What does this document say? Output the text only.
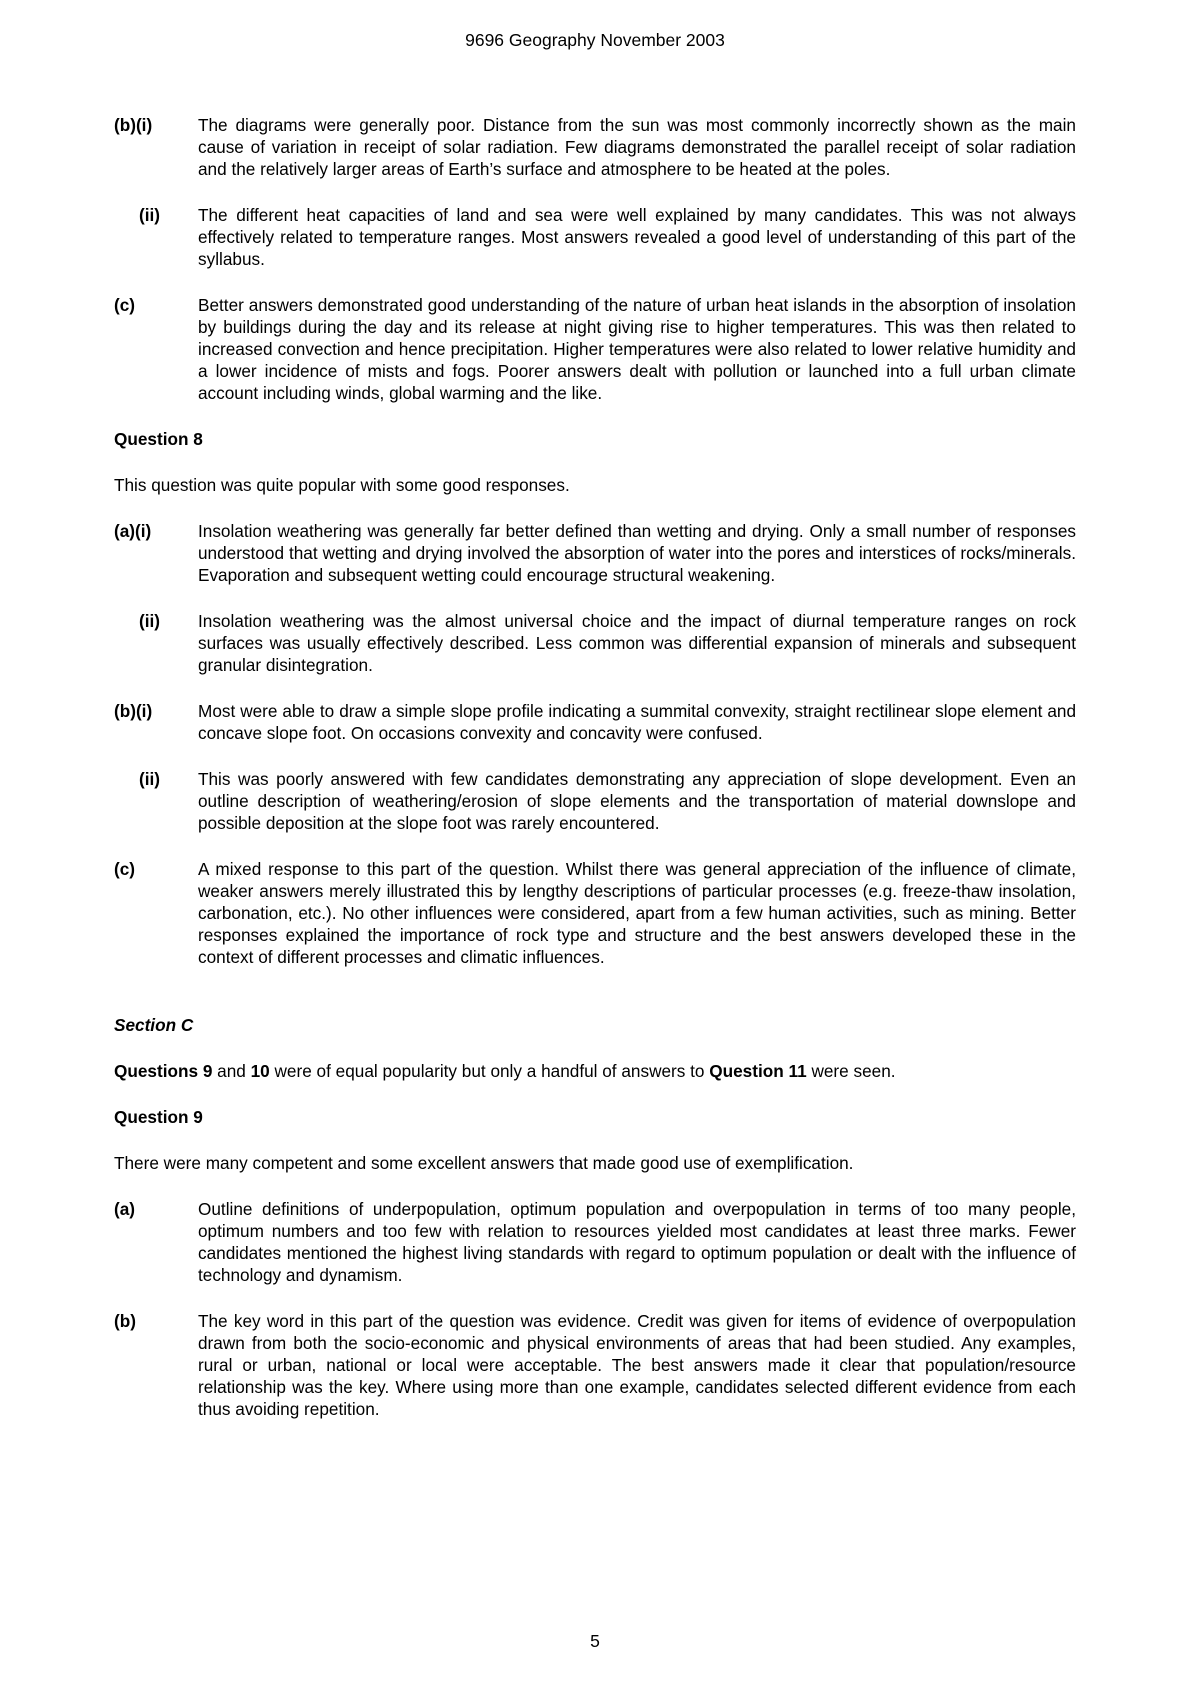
9696 Geography November 2003
(b)(i)	The diagrams were generally poor. Distance from the sun was most commonly incorrectly shown as the main cause of variation in receipt of solar radiation. Few diagrams demonstrated the parallel receipt of solar radiation and the relatively larger areas of Earth’s surface and atmosphere to be heated at the poles.
(ii)	The different heat capacities of land and sea were well explained by many candidates. This was not always effectively related to temperature ranges. Most answers revealed a good level of understanding of this part of the syllabus.
(c)	Better answers demonstrated good understanding of the nature of urban heat islands in the absorption of insolation by buildings during the day and its release at night giving rise to higher temperatures. This was then related to increased convection and hence precipitation. Higher temperatures were also related to lower relative humidity and a lower incidence of mists and fogs. Poorer answers dealt with pollution or launched into a full urban climate account including winds, global warming and the like.
Question 8
This question was quite popular with some good responses.
(a)(i)	Insolation weathering was generally far better defined than wetting and drying. Only a small number of responses understood that wetting and drying involved the absorption of water into the pores and interstices of rocks/minerals. Evaporation and subsequent wetting could encourage structural weakening.
(ii)	Insolation weathering was the almost universal choice and the impact of diurnal temperature ranges on rock surfaces was usually effectively described. Less common was differential expansion of minerals and subsequent granular disintegration.
(b)(i)	Most were able to draw a simple slope profile indicating a summital convexity, straight rectilinear slope element and concave slope foot. On occasions convexity and concavity were confused.
(ii)	This was poorly answered with few candidates demonstrating any appreciation of slope development. Even an outline description of weathering/erosion of slope elements and the transportation of material downslope and possible deposition at the slope foot was rarely encountered.
(c)	A mixed response to this part of the question. Whilst there was general appreciation of the influence of climate, weaker answers merely illustrated this by lengthy descriptions of particular processes (e.g. freeze-thaw insolation, carbonation, etc.). No other influences were considered, apart from a few human activities, such as mining. Better responses explained the importance of rock type and structure and the best answers developed these in the context of different processes and climatic influences.
Section C
Questions 9 and 10 were of equal popularity but only a handful of answers to Question 11 were seen.
Question 9
There were many competent and some excellent answers that made good use of exemplification.
(a)	Outline definitions of underpopulation, optimum population and overpopulation in terms of too many people, optimum numbers and too few with relation to resources yielded most candidates at least three marks. Fewer candidates mentioned the highest living standards with regard to optimum population or dealt with the influence of technology and dynamism.
(b)	The key word in this part of the question was evidence. Credit was given for items of evidence of overpopulation drawn from both the socio-economic and physical environments of areas that had been studied. Any examples, rural or urban, national or local were acceptable. The best answers made it clear that population/resource relationship was the key. Where using more than one example, candidates selected different evidence from each thus avoiding repetition.
5
